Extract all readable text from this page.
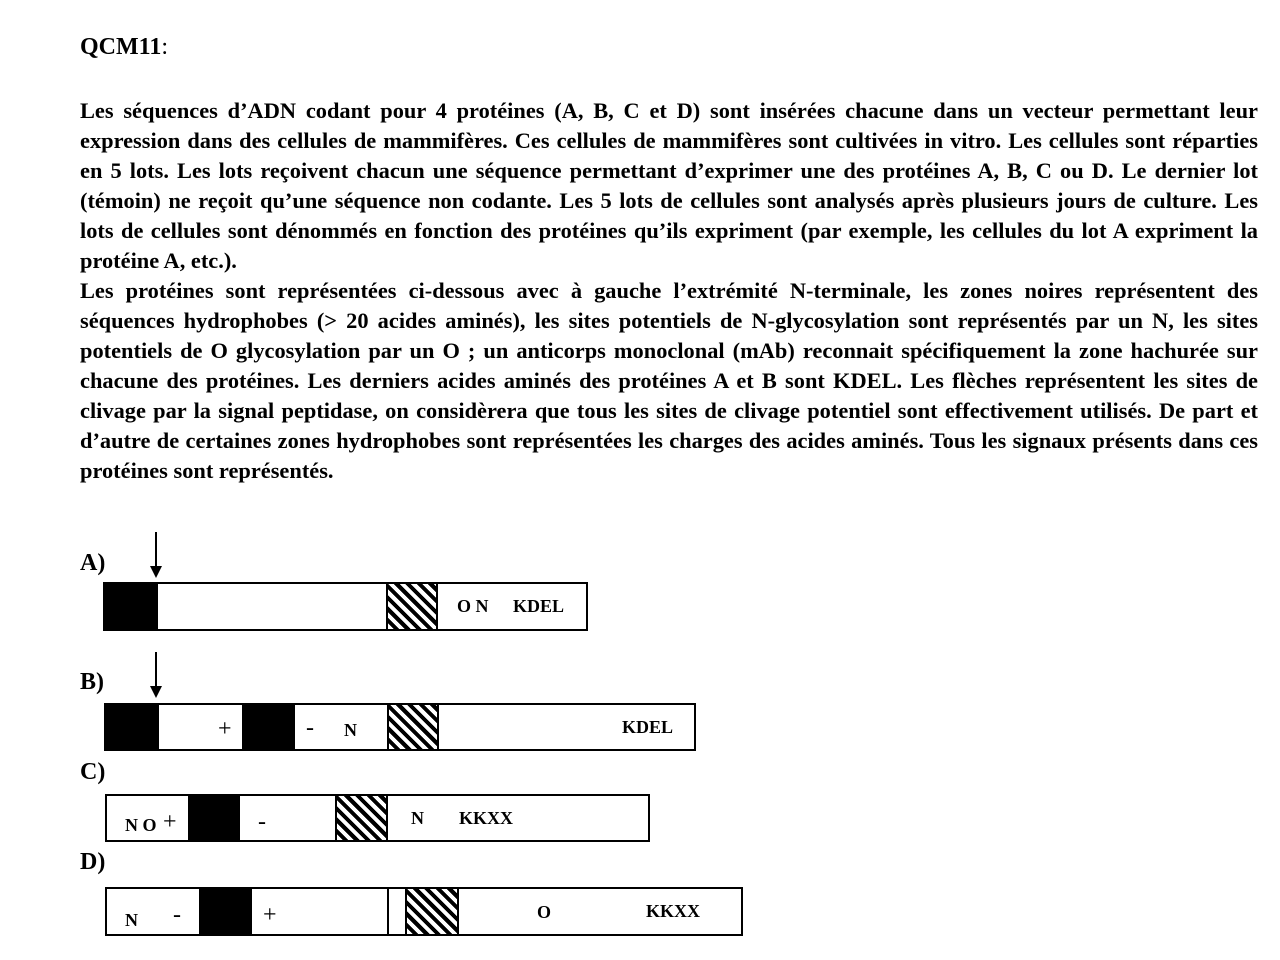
QCM11:

Les séquences d’ADN codant pour 4 protéines (A, B, C et D) sont insérées chacune dans un vecteur permettant leur expression dans des cellules de mammifères. Ces cellules de mammifères sont cultivées in vitro. Les cellules sont réparties en 5 lots. Les lots reçoivent chacun une séquence permettant d’exprimer une des protéines A, B, C ou D. Le dernier lot (témoin) ne reçoit qu’une séquence non codante. Les 5 lots de cellules sont analysés après plusieurs jours de culture. Les lots de cellules sont dénommés en fonction des protéines qu’ils expriment (par exemple, les cellules du lot A expriment la protéine A, etc.).

Les protéines sont représentées ci-dessous avec à gauche l’extrémité N-terminale, les zones noires représentent des séquences hydrophobes (> 20 acides aminés), les sites potentiels de N-glycosylation sont représentés par un N, les sites potentiels de O glycosylation par un O ; un anticorps monoclonal (mAb) reconnait spécifiquement la zone hachurée sur chacune des protéines. Les derniers acides aminés des protéines A et B sont KDEL. Les flèches représentent les sites de clivage par la signal peptidase, on considèrera que tous les sites de clivage potentiel sont effectivement utilisés. De part et d’autre de certaines zones hydrophobes sont représentées les charges des acides aminés. Tous les signaux présents dans ces protéines sont représentés.

A)
O N KDEL
B)
+	- N	KDEL
C)
N O +	-	N KKXX
D)
N -	+	O	KKXX
